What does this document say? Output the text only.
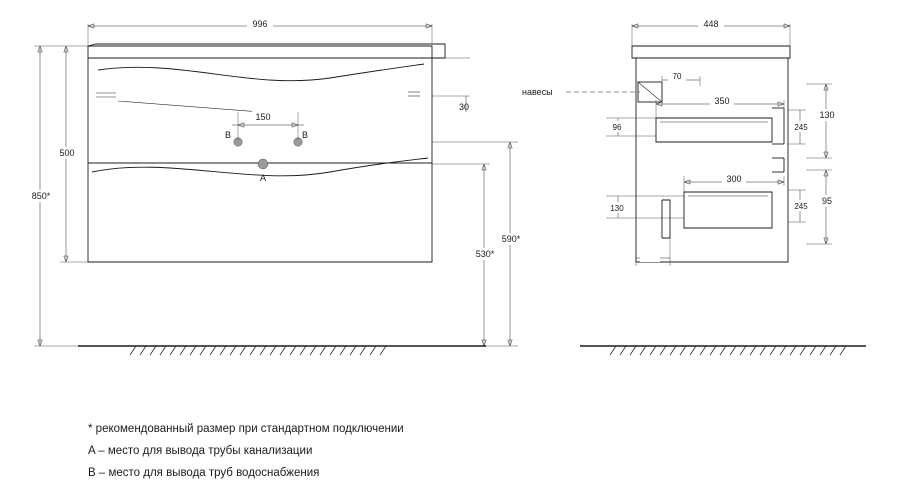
996
B	B
A
150
30
500
850*
590*
530*
448
навеcы
70
350
300
96
130
245
130
245
95
* рекомендованный размер при стандартном подключении
A – место для вывода трубы канализации
B – место для вывода труб водоснабжения
